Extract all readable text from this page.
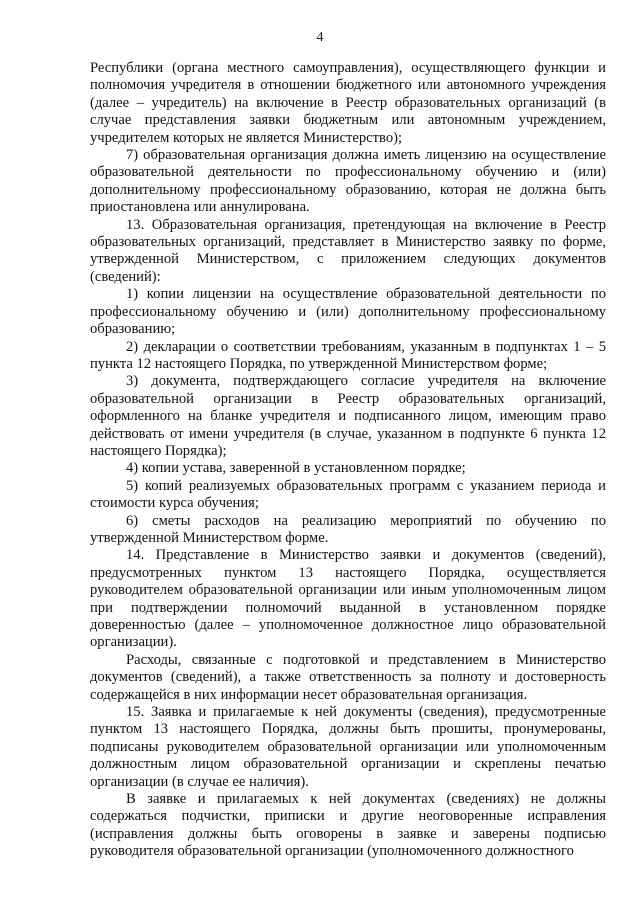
4

Республики (органа местного самоуправления), осуществляющего функции и полномочия учредителя в отношении бюджетного или автономного учреждения (далее – учредитель) на включение в Реестр образовательных организаций (в случае представления заявки бюджетным или автономным учреждением, учредителем которых не является Министерство);

7) образовательная организация должна иметь лицензию на осуществление образовательной деятельности по профессиональному обучению и (или) дополнительному профессиональному образованию, которая не должна быть приостановлена или аннулирована.

13. Образовательная организация, претендующая на включение в Реестр образовательных организаций, представляет в Министерство заявку по форме, утвержденной Министерством, с приложением следующих документов (сведений):

1) копии лицензии на осуществление образовательной деятельности по профессиональному обучению и (или) дополнительному профессиональному образованию;

2) декларации о соответствии требованиям, указанным в подпунктах 1 – 5 пункта 12 настоящего Порядка, по утвержденной Министерством форме;

3) документа, подтверждающего согласие учредителя на включение образовательной организации в Реестр образовательных организаций, оформленного на бланке учредителя и подписанного лицом, имеющим право действовать от имени учредителя (в случае, указанном в подпункте 6 пункта 12 настоящего Порядка);

4) копии устава, заверенной в установленном порядке;

5) копий реализуемых образовательных программ с указанием периода и стоимости курса обучения;

6) сметы расходов на реализацию мероприятий по обучению по утвержденной Министерством форме.

14. Представление в Министерство заявки и документов (сведений), предусмотренных пунктом 13 настоящего Порядка, осуществляется руководителем образовательной организации или иным уполномоченным лицом при подтверждении полномочий выданной в установленном порядке доверенностью (далее – уполномоченное должностное лицо образовательной организации).

Расходы, связанные с подготовкой и представлением в Министерство документов (сведений), а также ответственность за полноту и достоверность содержащейся в них информации несет образовательная организация.

15. Заявка и прилагаемые к ней документы (сведения), предусмотренные пунктом 13 настоящего Порядка, должны быть прошиты, пронумерованы, подписаны руководителем образовательной организации или уполномоченным должностным лицом образовательной организации и скреплены печатью организации (в случае ее наличия).

В заявке и прилагаемых к ней документах (сведениях) не должны содержаться подчистки, приписки и другие неоговоренные исправления (исправления должны быть оговорены в заявке и заверены подписью руководителя образовательной организации (уполномоченного должностного
